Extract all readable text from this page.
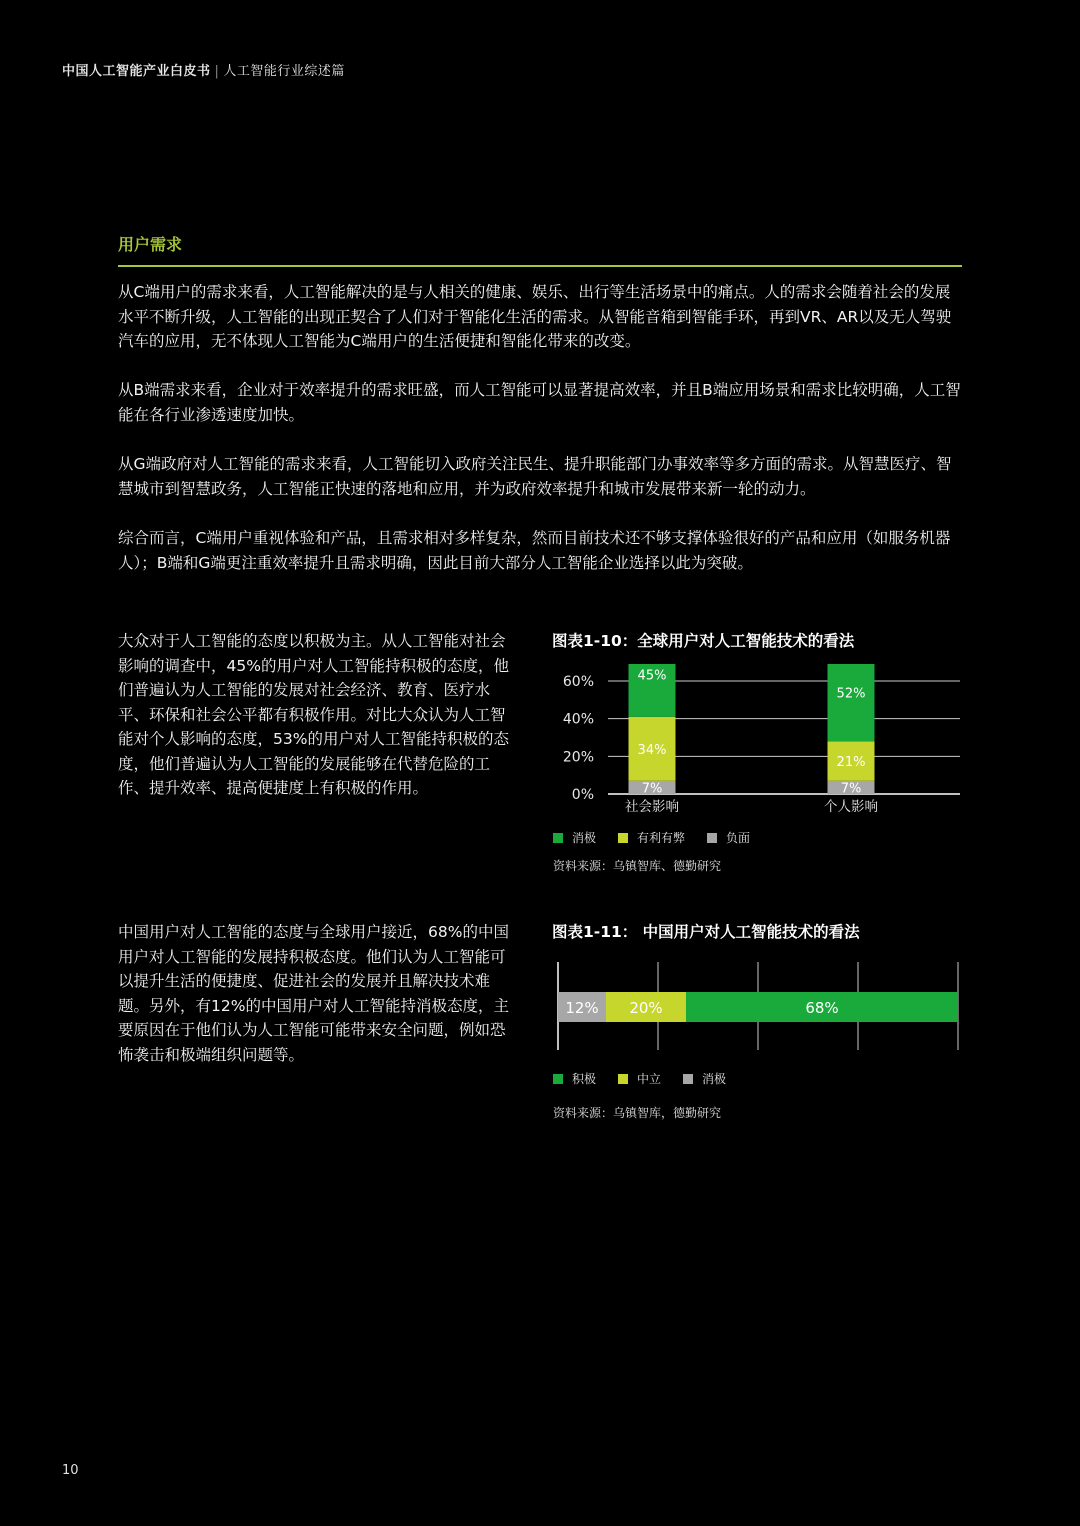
中国人工智能产业白皮书 | 人工智能行业综述篇
用户需求

从C端用户的需求来看，人工智能解决的是与人相关的健康、娱乐、出行等生活场景中的痛点。人的需求会随着社会的发展水平不断升级，人工智能的出现正契合了人们对于智能化生活的需求。从智能音箱到智能手环，再到VR、AR以及无人驾驶汽车的应用，无不体现人工智能为C端用户的生活便捷和智能化带来的改变。

从B端需求来看，企业对于效率提升的需求旺盛，而人工智能可以显著提高效率，并且B端应用场景和需求比较明确，人工智能在各行业渗透速度加快。

从G端政府对人工智能的需求来看，人工智能切入政府关注民生、提升职能部门办事效率等多方面的需求。从智慧医疗、智慧城市到智慧政务，人工智能正快速的落地和应用，并为政府效率提升和城市发展带来新一轮的动力。

综合而言，C端用户重视体验和产品，且需求相对多样复杂，然而目前技术还不够支撑体验很好的产品和应用（如服务机器人）；B端和G端更注重效率提升且需求明确，因此目前大部分人工智能企业选择以此为突破。

大众对于人工智能的态度以积极为主。从人工智能对社会影响的调查中，45%的用户对人工智能持积极的态度，他们普遍认为人工智能的发展对社会经济、教育、医疗水平、环保和社会公平都有积极作用。对比大众认为人工智能对个人影响的态度，53%的用户对人工智能持积极的态度，他们普遍认为人工智能的发展能够在代替危险的工作、提升效率、提高便捷度上有积极的作用。

中国用户对人工智能的态度与全球用户接近，68%的中国用户对人工智能的发展持积极态度。他们认为人工智能可以提升生活的便捷度、促进社会的发展并且解决技术难题。另外，有12%的中国用户对人工智能持消极态度，主要原因在于他们认为人工智能可能带来安全问题，例如恐怖袭击和极端组织问题等。

图表1-10：全球用户对人工智能技术的看法
0%
20%
40%
60%
7%
34%
45%
社会影响
7%
21%
52%
个人影响
消极	有利有弊	负面
资料来源：乌镇智库、德勤研究
图表1-11： 中国用户对人工智能技术的看法
12% 20%	68%
积极	中立	消极
资料来源：乌镇智库，德勤研究
10
